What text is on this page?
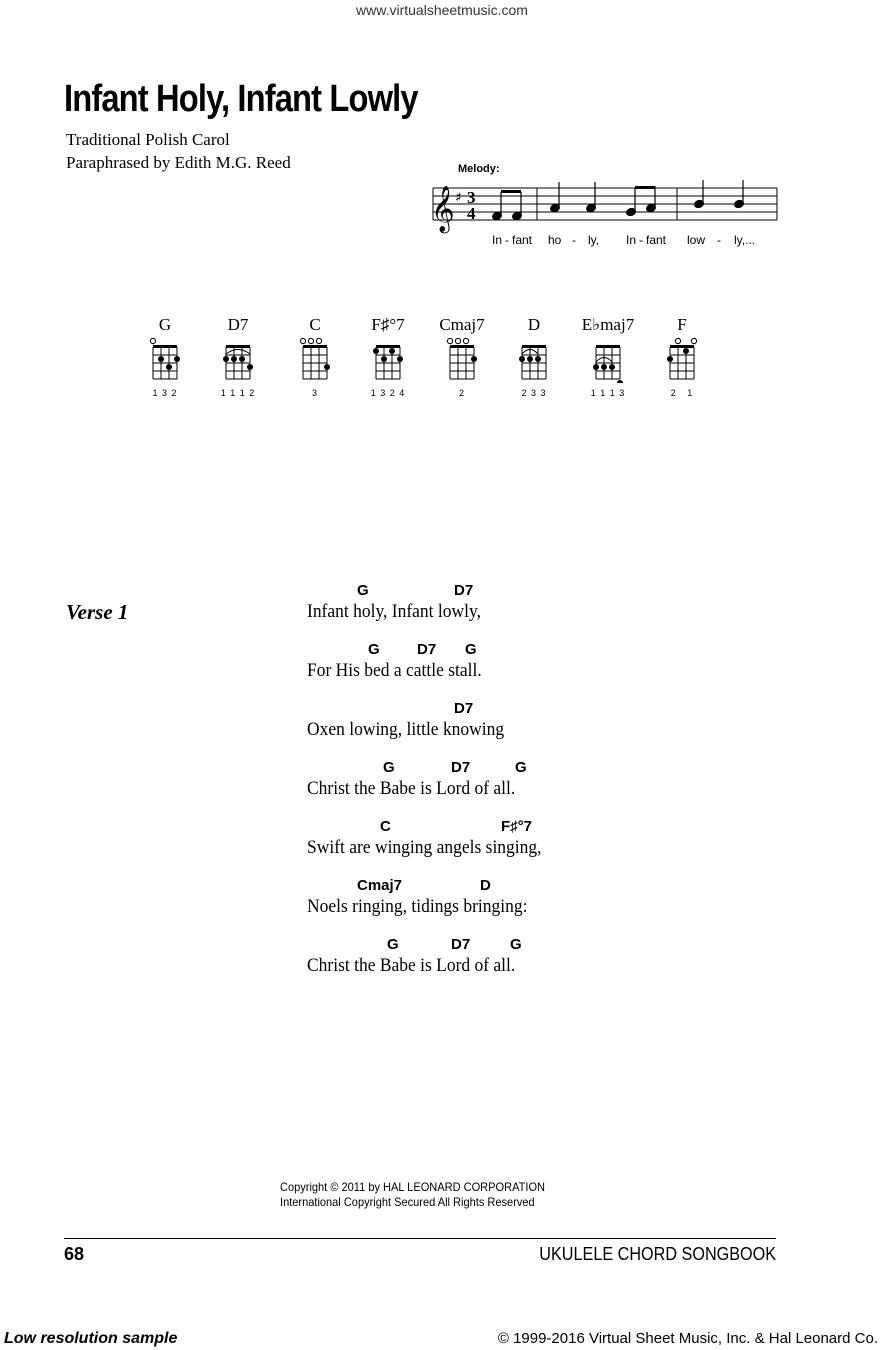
www.virtualsheetmusic.com
Infant Holy, Infant Lowly
Traditional Polish Carol
Paraphrased by Edith M.G. Reed	Melody:
𝄞 ♯ 3
4
In - fant ho - ly, In - fant low - ly,...
G
1 3 2
D7
1 1 1 2
C
3
F♯°7
1 3 2 4
Cmaj7
2
D
2 3 3
E♭maj7
1 1 1 3
F
2   1
Verse 1
G	D7
Infant holy, Infant lowly,
G D7 G
For His bed a cattle stall.
D7
Oxen lowing, little knowing
G	D7	G
Christ the Babe is Lord of all.
C	F♯°7
Swift are winging angels singing,
Cmaj7	D
Noels ringing, tidings bringing:
G	D7	G
Christ the Babe is Lord of all.
Copyright © 2011 by HAL LEONARD CORPORATION
International Copyright Secured All Rights Reserved
68	UKULELE CHORD SONGBOOK
Low resolution sample	© 1999-2016 Virtual Sheet Music, Inc. & Hal Leonard Co.
